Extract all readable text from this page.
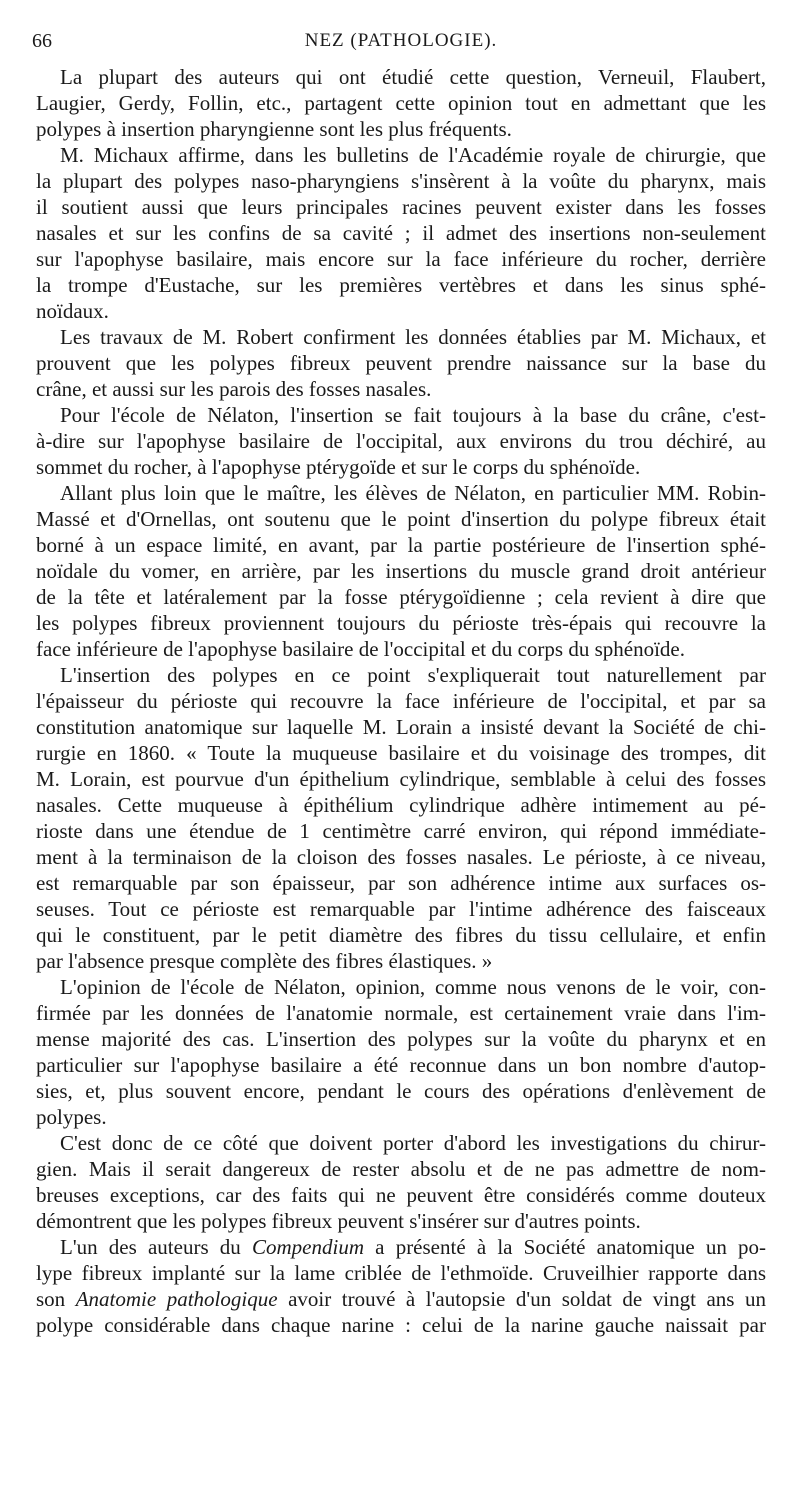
66	NEZ (PATHOLOGIE).
La plupart des auteurs qui ont étudié cette question, Verneuil, Flaubert,
Laugier, Gerdy, Follin, etc., partagent cette opinion tout en admettant que les
polypes à insertion pharyngienne sont les plus fréquents.
M. Michaux affirme, dans les bulletins de l'Académie royale de chirurgie, que
la plupart des polypes naso-pharyngiens s'insèrent à la voûte du pharynx, mais
il soutient aussi que leurs principales racines peuvent exister dans les fosses
nasales et sur les confins de sa cavité ; il admet des insertions non-seulement
sur l'apophyse basilaire, mais encore sur la face inférieure du rocher, derrière
la trompe d'Eustache, sur les premières vertèbres et dans les sinus sphé-
noïdaux.
Les travaux de M. Robert confirment les données établies par M. Michaux, et
prouvent que les polypes fibreux peuvent prendre naissance sur la base du
crâne, et aussi sur les parois des fosses nasales.
Pour l'école de Nélaton, l'insertion se fait toujours à la base du crâne, c'est-
à-dire sur l'apophyse basilaire de l'occipital, aux environs du trou déchiré, au
sommet du rocher, à l'apophyse ptérygoïde et sur le corps du sphénoïde.
Allant plus loin que le maître, les élèves de Nélaton, en particulier MM. Robin-
Massé et d'Ornellas, ont soutenu que le point d'insertion du polype fibreux était
borné à un espace limité, en avant, par la partie postérieure de l'insertion sphé-
noïdale du vomer, en arrière, par les insertions du muscle grand droit antérieur
de la tête et latéralement par la fosse ptérygoïdienne ; cela revient à dire que
les polypes fibreux proviennent toujours du périoste très-épais qui recouvre la
face inférieure de l'apophyse basilaire de l'occipital et du corps du sphénoïde.
L'insertion des polypes en ce point s'expliquerait tout naturellement par
l'épaisseur du périoste qui recouvre la face inférieure de l'occipital, et par sa
constitution anatomique sur laquelle M. Lorain a insisté devant la Société de chi-
rurgie en 1860. « Toute la muqueuse basilaire et du voisinage des trompes, dit
M. Lorain, est pourvue d'un épithelium cylindrique, semblable à celui des fosses
nasales. Cette muqueuse à épithélium cylindrique adhère intimement au pé-
rioste dans une étendue de 1 centimètre carré environ, qui répond immédiate-
ment à la terminaison de la cloison des fosses nasales. Le périoste, à ce niveau,
est remarquable par son épaisseur, par son adhérence intime aux surfaces os-
seuses. Tout ce périoste est remarquable par l'intime adhérence des faisceaux
qui le constituent, par le petit diamètre des fibres du tissu cellulaire, et enfin
par l'absence presque complète des fibres élastiques. »
L'opinion de l'école de Nélaton, opinion, comme nous venons de le voir, con-
firmée par les données de l'anatomie normale, est certainement vraie dans l'im-
mense majorité des cas. L'insertion des polypes sur la voûte du pharynx et en
particulier sur l'apophyse basilaire a été reconnue dans un bon nombre d'autop-
sies, et, plus souvent encore, pendant le cours des opérations d'enlèvement de
polypes.
C'est donc de ce côté que doivent porter d'abord les investigations du chirur-
gien. Mais il serait dangereux de rester absolu et de ne pas admettre de nom-
breuses exceptions, car des faits qui ne peuvent être considérés comme douteux
démontrent que les polypes fibreux peuvent s'insérer sur d'autres points.
L'un des auteurs du Compendium a présenté à la Société anatomique un po-
lype fibreux implanté sur la lame criblée de l'ethmoïde. Cruveilhier rapporte dans
son Anatomie pathologique avoir trouvé à l'autopsie d'un soldat de vingt ans un
polype considérable dans chaque narine : celui de la narine gauche naissait par
